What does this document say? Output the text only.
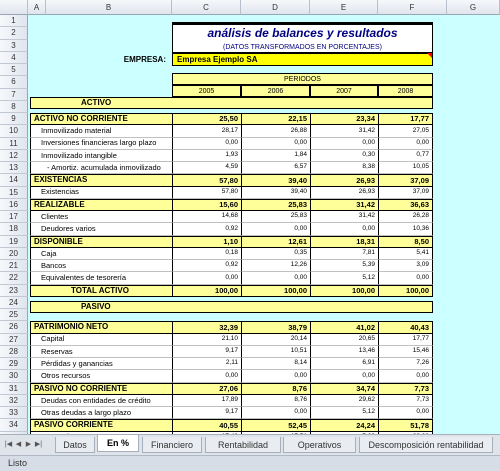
A	B	C	D	E	F	G
1
2
3
4
5
6
7
8
9
10
11
12
13
14
15
16
17
18
19
20
21
22
23
24
25
26
27
28
29
30
31
32
33
34
análisis de balances y resultados
(DATOS TRANSFORMADOS EN PORCENTAJES)
EMPRESA:	Empresa Ejemplo SA
PERIODOS
2005	2006	2007	2008
ACTIVO
PASIVO
ACTIVO NO CORRIENTE	25,50	22,15	23,34	17,77
Inmovilizado material	28,17	26,88	31,42	27,05
Inversiones financieras largo plazo	0,00	0,00	0,00	0,00
Inmovilizado intangible	1,93	1,84	0,30	0,77
- Amortiz. acumulada inmovilizado	4,59	6,57	8,38	10,05
EXISTENCIAS	57,80	39,40	26,93	37,09
Existencias	57,80	39,40	26,93	37,09
REALIZABLE	15,60	25,83	31,42	36,63
Clientes	14,68	25,83	31,42	26,28
Deudores varios	0,92	0,00	0,00	10,36
DISPONIBLE	1,10	12,61	18,31	8,50
Caja	0,18	0,35	7,81	5,41
Bancos	0,92	12,26	5,39	3,09
Equivalentes de tesorería	0,00	0,00	5,12	0,00
TOTAL ACTIVO	100,00	100,00	100,00	100,00
PATRIMONIO NETO	32,39	38,79	41,02	40,43
Capital	21,10	20,14	20,65	17,77
Reservas	9,17	10,51	13,46	15,46
Pérdidas y ganancias	2,11	8,14	6,91	7,26
Otros recursos	0,00	0,00	0,00	0,00
PASIVO NO CORRIENTE	27,06	8,76	34,74	7,73
Deudas con entidades de crédito	17,89	8,76	29,62	7,73
Otras deudas a largo plazo	9,17	0,00	5,12	0,00
PASIVO CORRIENTE	40,55	52,45	24,24	51,78
|◀ ◀ ▶ ▶|	Datos	En %	Financiero	Rentabilidad	Operativos	Descomposición rentabilidad
Listo
